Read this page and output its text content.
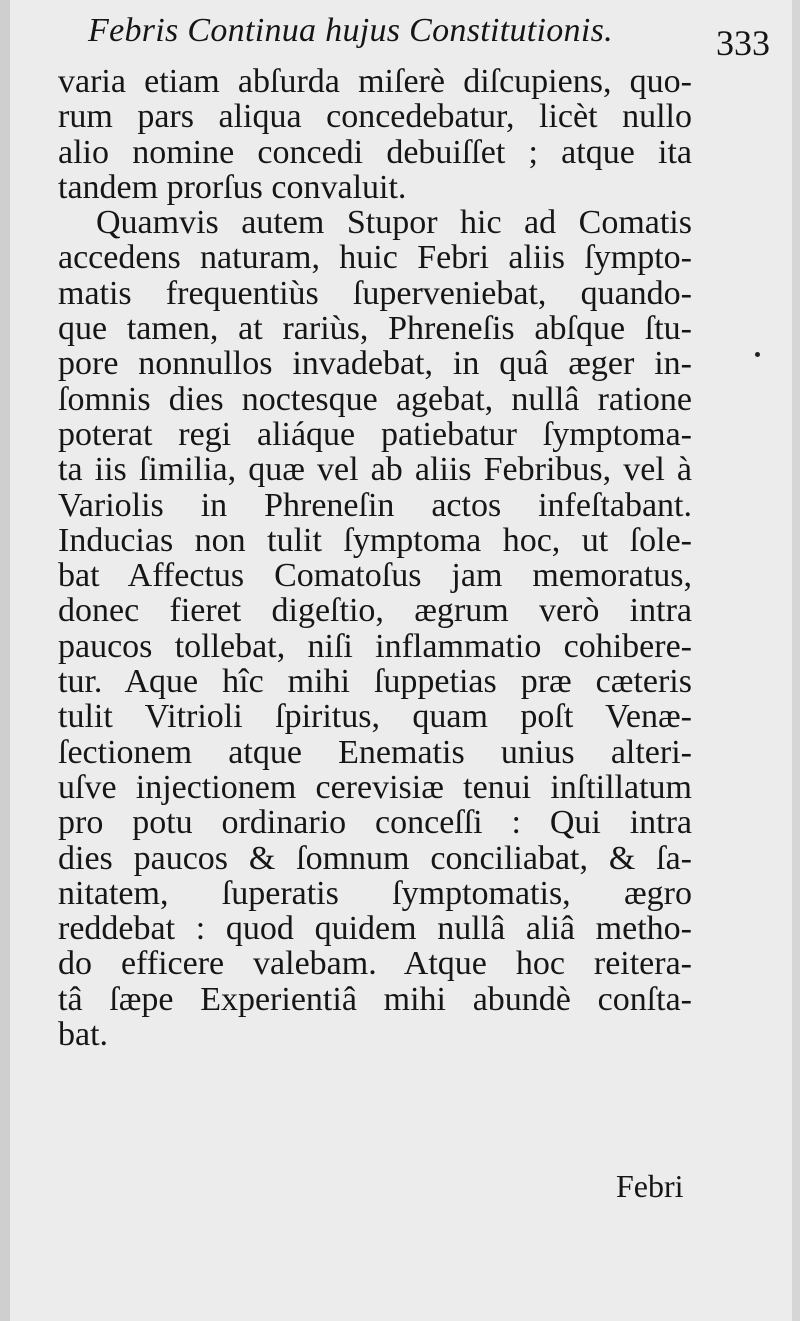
Febris Continua hujus Constitutionis.	333
varia etiam abſurda miſerè diſcupiens, quo-
rum pars aliqua concedebatur, licèt nullo
alio nomine concedi debuiſſet ; atque ita
tandem prorſus convaluit.
Quamvis autem Stupor hic ad Comatis
accedens naturam, huic Febri aliis ſympto-
matis frequentiùs ſuperveniebat, quando-
que tamen, at rariùs, Phreneſis abſque ſtu-
pore nonnullos invadebat, in quâ æger in-
ſomnis dies noctesque agebat, nullâ ratione
poterat regi aliáque patiebatur ſymptoma-
ta iis ſimilia, quæ vel ab aliis Febribus, vel à
Variolis in Phreneſin actos infeſtabant.
Inducias non tulit ſymptoma hoc, ut ſole-
bat Affectus Comatoſus jam memoratus,
donec fieret digeſtio, ægrum verò intra
paucos tollebat, niſi inflammatio cohibere-
tur. Aque hîc mihi ſuppetias præ cæteris
tulit Vitrioli ſpiritus, quam poſt Venæ-
ſectionem atque Enematis unius alteri-
uſve injectionem cerevisiæ tenui inſtillatum
pro potu ordinario conceſſi : Qui intra
dies paucos & ſomnum conciliabat, & ſa-
nitatem, ſuperatis ſymptomatis, ægro
reddebat : quod quidem nullâ aliâ metho-
do efficere valebam. Atque hoc reitera-
tâ ſæpe Experientiâ mihi abundè conſta-
bat.
Febri
